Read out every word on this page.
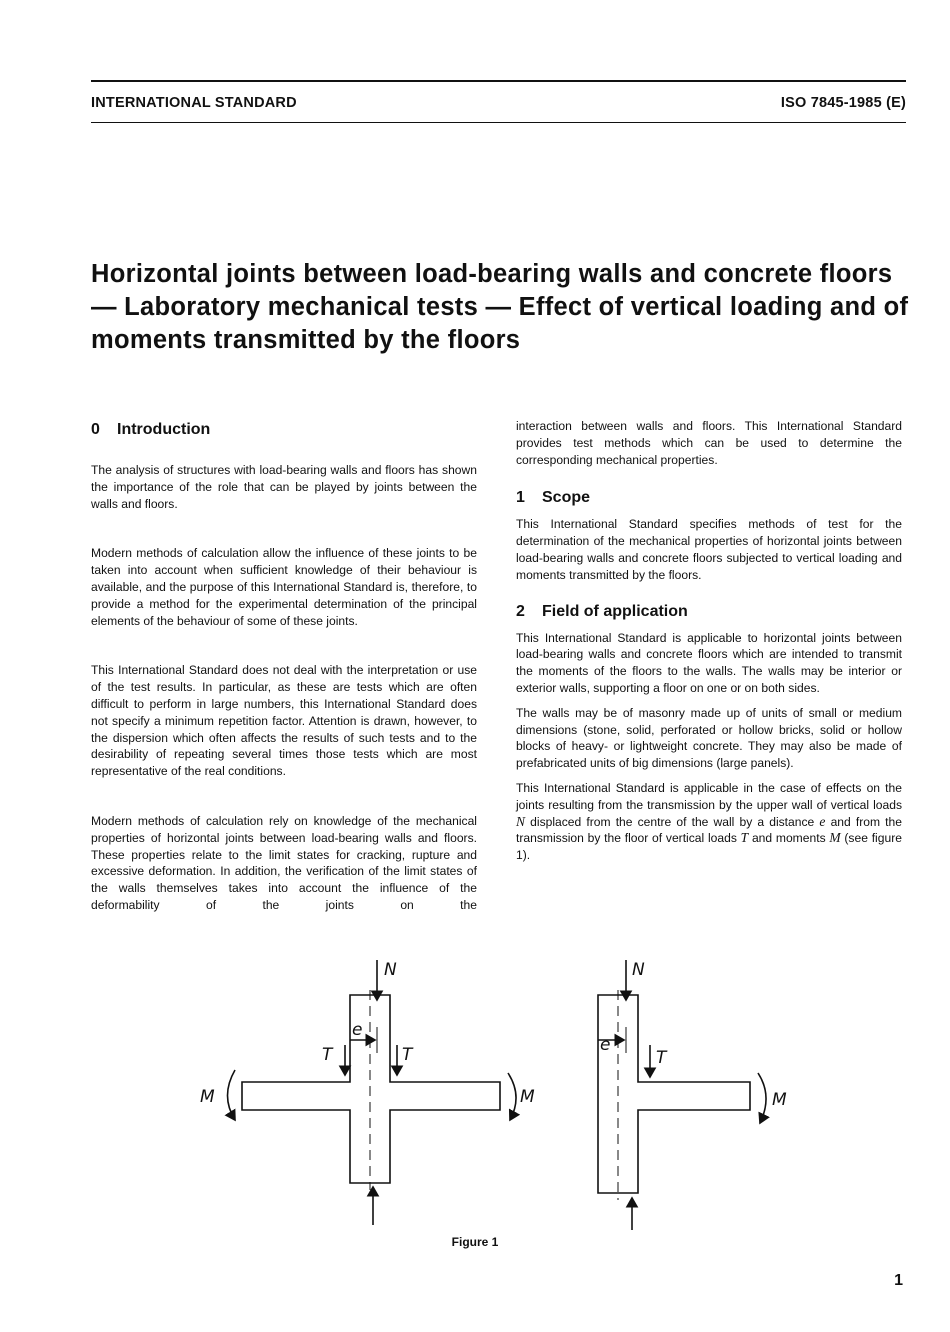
INTERNATIONAL STANDARD	ISO 7845-1985 (E)
Horizontal joints between load-bearing walls and concrete floors — Laboratory mechanical tests — Effect of vertical loading and of moments transmitted by the floors
0 Introduction

The analysis of structures with load-bearing walls and floors has shown the importance of the role that can be played by joints between the walls and floors.

Modern methods of calculation allow the influence of these joints to be taken into account when sufficient knowledge of their behaviour is available, and the purpose of this International Standard is, therefore, to provide a method for the experimental determination of the principal elements of the behaviour of some of these joints.

This International Standard does not deal with the interpretation or use of the test results. In particular, as these are tests which are often difficult to perform in large numbers, this International Standard does not specify a minimum repetition factor. Attention is drawn, however, to the dispersion which often affects the results of such tests and to the desirability of repeating several times those tests which are most representative of the real conditions.

Modern methods of calculation rely on knowledge of the mechanical properties of horizontal joints between load-bearing walls and floors. These properties relate to the limit states for cracking, rupture and excessive deformation. In addition, the verification of the limit states of the walls themselves takes into account the influence of the deformability of the joints on the

interaction between walls and floors. This International Standard provides test methods which can be used to determine the corresponding mechanical properties.

1 Scope

This International Standard specifies methods of test for the determination of the mechanical properties of horizontal joints between load-bearing walls and concrete floors subjected to vertical loading and moments transmitted by the floors.

2 Field of application

This International Standard is applicable to horizontal joints between load-bearing walls and concrete floors which are intended to transmit the moments of the floors to the walls. The walls may be interior or exterior walls, supporting a floor on one or on both sides.

The walls may be of masonry made up of units of small or medium dimensions (stone, solid, perforated or hollow bricks, solid or hollow blocks of heavy- or lightweight concrete. They may also be made of prefabricated units of big dimensions (large panels).

This International Standard is applicable in the case of effects on the joints resulting from the transmission by the upper wall of vertical loads N displaced from the centre of the wall by a distance e and from the transmission by the floor of vertical loads T and moments M (see figure 1).

N
e
T	T
M	M
N
e
T
M
Figure 1
1
